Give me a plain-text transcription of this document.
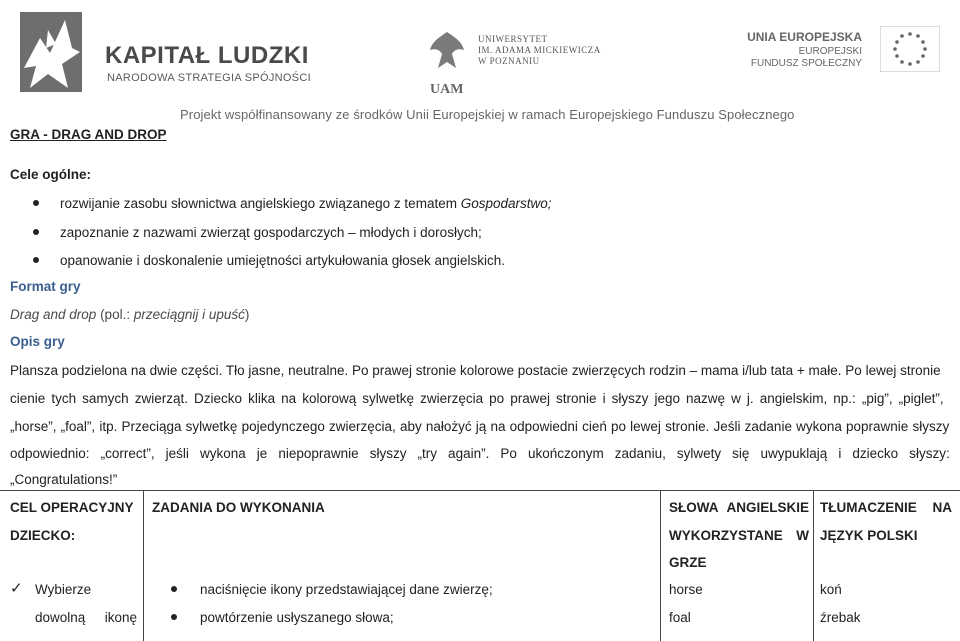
KAPITAŁ LUDZKI
NARODOWA STRATEGIA SPÓJNOŚCI
UAM
UNIWERSYTET
IM. ADAMA MICKIEWICZA
W POZNANIU
UNIA EUROPEJSKA
EUROPEJSKI
FUNDUSZ SPOŁECZNY
Projekt współfinansowany ze środków Unii Europejskiej w ramach Europejskiego Funduszu Społecznego
GRA - DRAG AND DROP
Cele ogólne:
rozwijanie zasobu słownictwa angielskiego związanego z tematem Gospodarstwo;
zapoznanie z nazwami zwierząt gospodarczych – młodych i dorosłych;
opanowanie i doskonalenie umiejętności artykułowania głosek angielskich.
Format gry
Drag and drop (pol.: przeciągnij i upuść)
Opis gry
Plansza podzielona na dwie części. Tło jasne, neutralne. Po prawej stronie kolorowe postacie zwierzęcych rodzin – mama i/lub tata + małe. Po lewej stronie
cienie tych samych zwierząt. Dziecko klika na kolorową sylwetkę zwierzęcia po prawej stronie i słyszy jego nazwę w j. angielskim, np.: „pig”, „piglet”,
„horse”, „foal”, itp. Przeciąga sylwetkę pojedynczego zwierzęcia, aby nałożyć ją na odpowiedni cień po lewej stronie. Jeśli zadanie wykona poprawnie słyszy
odpowiednio: „correct”, jeśli wykona je niepoprawnie słyszy „try again”. Po ukończonym zadaniu, sylwety się uwypuklają i dziecko słyszy:
„Congratulations!”
CEL OPERACYJNY
DZIECKO:
ZADANIA DO WYKONANIA	SŁOWA ANGIELSKIE
WYKORZYSTANE W
GRZE
TŁUMACZENIE NA
JĘZYK POLSKI
✓ Wybierze
dowolną ikonę
naciśnięcie ikony przedstawiającej dane zwierzę;
powtórzenie usłyszanego słowa;
horse
foal
koń
źrebak
